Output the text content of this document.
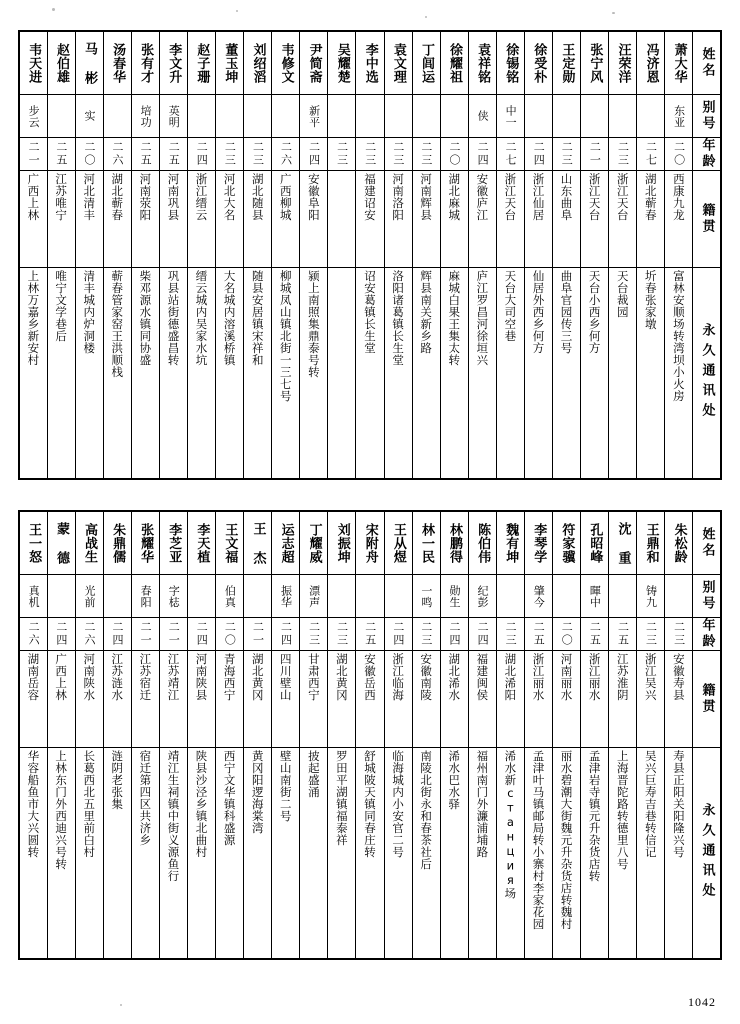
韦天进	赵伯雄	马 彬	汤春华	张有才	李文升	赵子珊	董玉坤	刘绍滔	韦修文	尹简斋	吴耀楚	李中选	袁文理	丁闾运	徐耀祖	袁祥铭	徐锡铭	徐受朴	王定勋	张宁风	汪荣洋	冯济恩	萧大华	姓名

步云		实		培功	英明					新平						侠	中一						东亚	别号

二一	二五	二〇	二六	二五	二五	二四	二三	二三	二六	二四	二三	二三	二三	二三	二〇	二四	二七	二四	二三	二一	二三	二七	二〇	年龄

广西上林	江苏唯宁	河北清丰	湖北蕲春	河南荥阳	河南巩县	浙江缙云	河北大名	湖北随县	广西柳城	安徽阜阳		福建诏安	河南洛阳	河南辉县	湖北麻城	安徽庐江	浙江天台	浙江仙居	山东曲阜	浙江天台	浙江天台	湖北蕲春	西康九龙	籍贯

上林万嘉乡新安村	唯宁文学巷后	清丰城内炉洞楼	蕲春管家窑王洪顺栈	柴邓源水镇同协盛	巩县站街德盛昌转	缙云城内吴家水坑	大名城内溶溪桥镇	随县安居镇宋祥和	柳城凤山镇北街一三七号	颍上南照集鼎泰号转		诏安葛镇长生堂	洛阳诸葛镇长生堂	辉县南关新乡路	麻城白果王集太转	庐江罗昌河徐垣兴	天台大司空巷	仙居外西乡何方	曲阜官园传三号	天台小西乡何方	天台裁园	圻春张家墩	富林安顺场转湾坝小火房	永久通讯处
王一怒	蒙 德	高战生	朱鼎儒	张耀华	李芝亚	李天植	王文福	王 杰	运志超	丁耀威	刘振坤	宋附舟	王从煜	林一民	林鹏得	陈伯伟	魏有坤	李琴学	符家骥	孔昭峰	沈 重	王鼎和	朱松龄	姓名

真机		光前		春阳	字梽		伯真		振华	漂声				一鸣	勋生	纪彭		肇今		暉中		铸九		别号

二六	二四	二六	二四	二一	二一	二四	二〇	二一	二四	二三	二三	二五	二四	二三	二四	二四	二三	二五	二〇	二五	二五	二三	二三	年龄

湖南岳容	广西上林	河南陕水	江苏涟水	江苏宿迁	江苏靖江	河南陕县	青海西宁	湖北黄冈	四川壁山	甘肃西宁	湖北黄冈	安徽岳西	浙江临海	安徽南陵	湖北浠水	福建闽侯	湖北浠阳	浙江丽水	河南丽水	浙江丽水	江苏淮阴	浙江吴兴	安徽寿县	籍贯

华容船鱼市大兴圆转	上林东门外西迪兴号转	长葛西北五里前白村	涟阴老张集	宿迁第四区共济乡	靖江生祠镇中街义源鱼行	陕县沙泾乡镇北曲村	西宁文华镇科盛源	黄冈阳逻海棠湾	壁山南街二号	披起盛涌	罗田平湖镇福泰祥	舒城陂天镇同春庄转	临海城内小安官二号	南陵北街永和春茶社后	浠水巴水驿	福州南门外濂浦埔路	浠水新станция场	孟津叶马镇邮局转小寨村李家花园	丽水碧潮大街魏元升杂货店转魏村	孟津岩寺镇元升杂货店转	上海晋陀路转德里八号	吴兴巨寿吉巷转信记	寿县正阳关阳隆兴号	永久通讯处
1042
